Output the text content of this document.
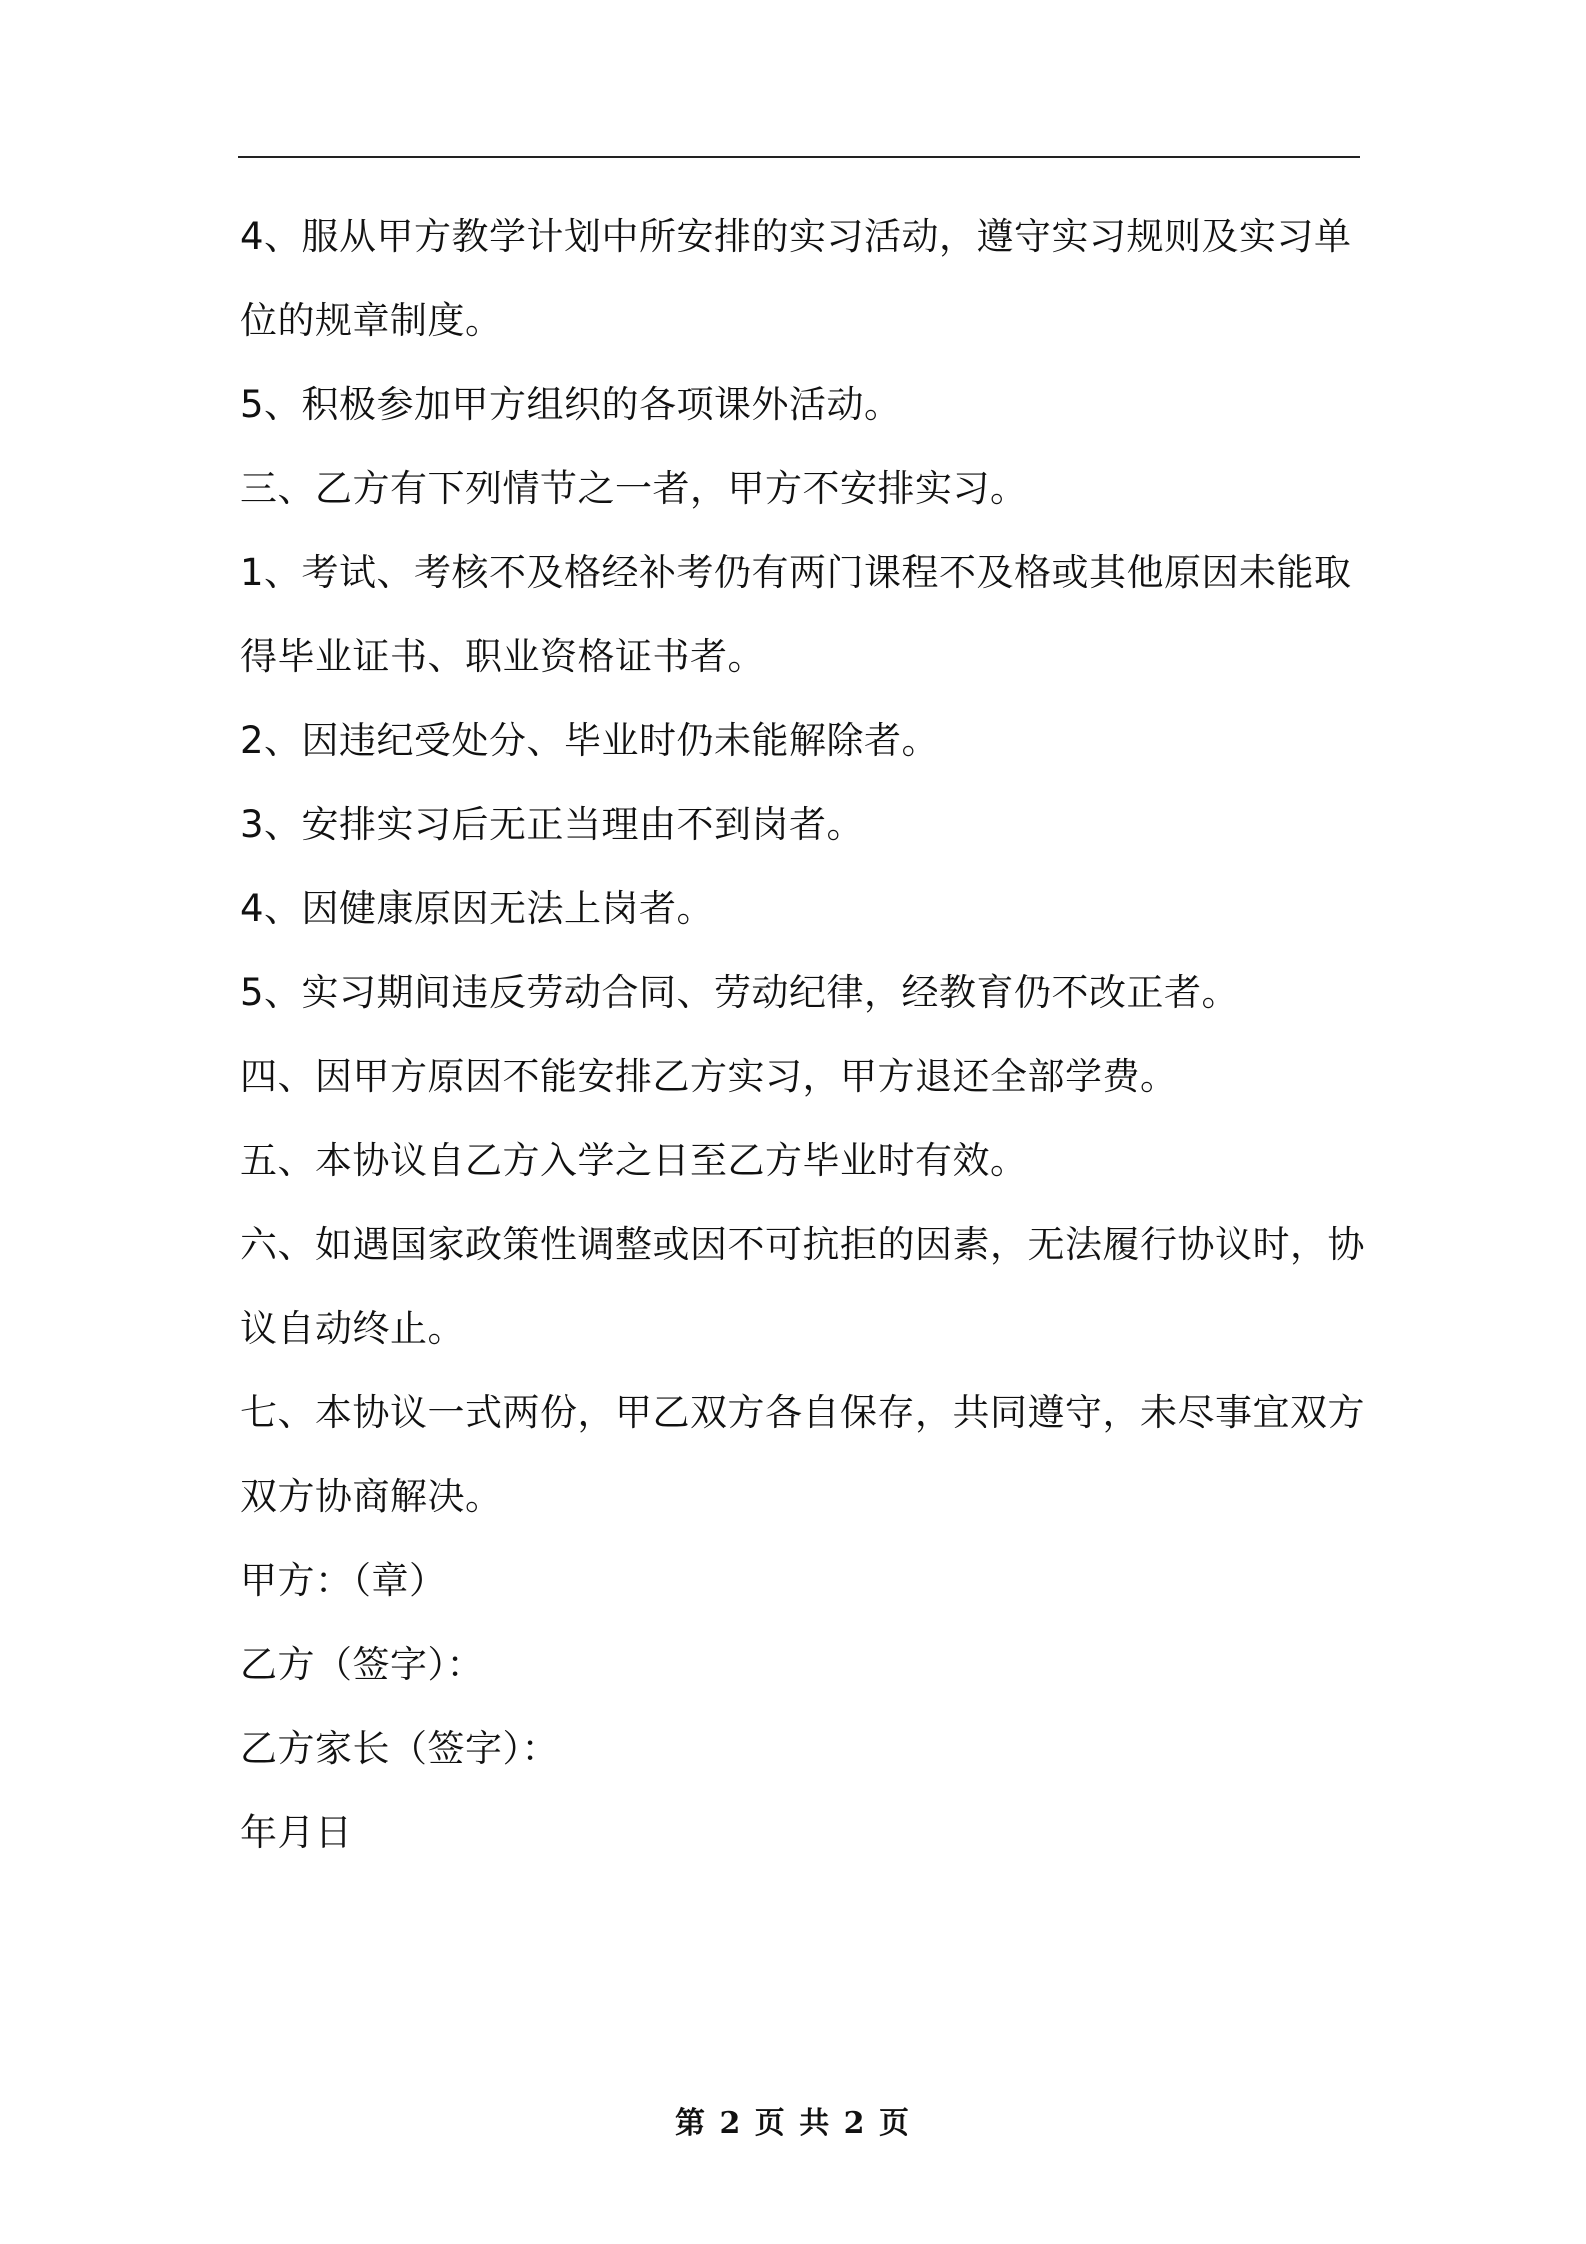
4、服从甲方教学计划中所安排的实习活动，遵守实习规则及实习单
位的规章制度。
5、积极参加甲方组织的各项课外活动。
三、乙方有下列情节之一者，甲方不安排实习。
1、考试、考核不及格经补考仍有两门课程不及格或其他原因未能取
得毕业证书、职业资格证书者。
2、因违纪受处分、毕业时仍未能解除者。
3、安排实习后无正当理由不到岗者。
4、因健康原因无法上岗者。
5、实习期间违反劳动合同、劳动纪律，经教育仍不改正者。
四、因甲方原因不能安排乙方实习，甲方退还全部学费。
五、本协议自乙方入学之日至乙方毕业时有效。
六、如遇国家政策性调整或因不可抗拒的因素，无法履行协议时，协
议自动终止。
七、本协议一式两份，甲乙双方各自保存，共同遵守，未尽事宜双方
双方协商解决。
甲方：（章）
乙方（签字）：
乙方家长（签字）：
年月日
第 2 页 共 2 页
